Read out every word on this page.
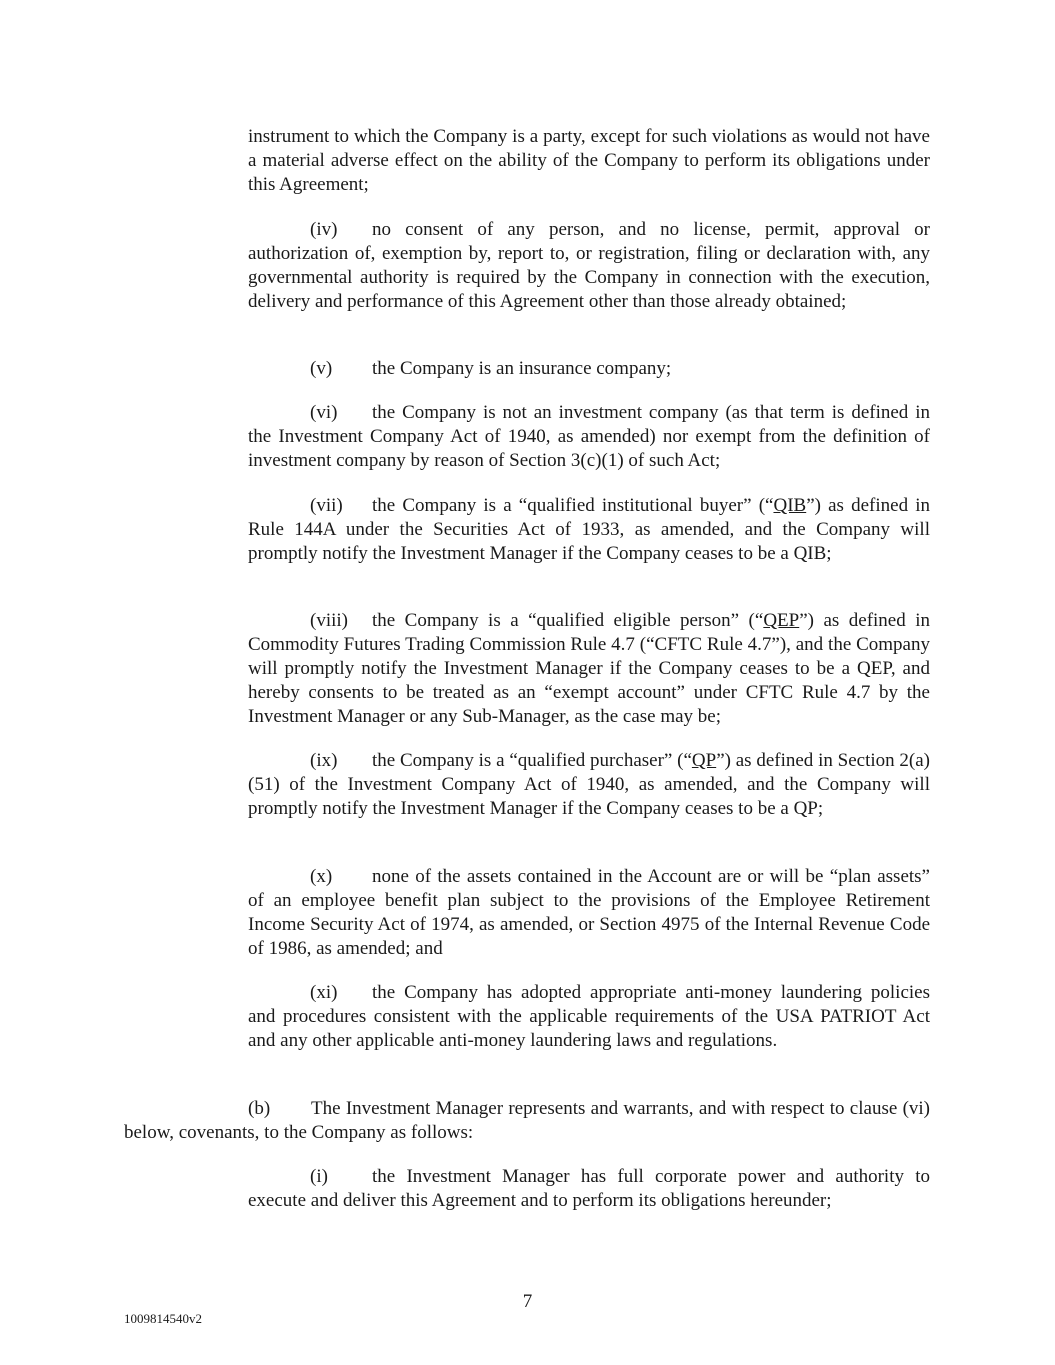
instrument to which the Company is a party, except for such violations as would not have a material adverse effect on the ability of the Company to perform its obligations under this Agreement;

(iv) no consent of any person, and no license, permit, approval or authorization of, exemption by, report to, or registration, filing or declaration with, any governmental authority is required by the Company in connection with the execution, delivery and performance of this Agreement other than those already obtained;

(v) the Company is an insurance company;

(vi) the Company is not an investment company (as that term is defined in the Investment Company Act of 1940, as amended) nor exempt from the definition of investment company by reason of Section 3(c)(1) of such Act;

(vii) the Company is a “qualified institutional buyer” (“QIB”) as defined in Rule 144A under the Securities Act of 1933, as amended, and the Company will promptly notify the Investment Manager if the Company ceases to be a QIB;

(viii) the Company is a “qualified eligible person” (“QEP”) as defined in Commodity Futures Trading Commission Rule 4.7 (“CFTC Rule 4.7”), and the Company will promptly notify the Investment Manager if the Company ceases to be a QEP, and hereby consents to be treated as an “exempt account” under CFTC Rule 4.7 by the Investment Manager or any Sub-Manager, as the case may be;

(ix) the Company is a “qualified purchaser” (“QP”) as defined in Section 2(a)(51) of the Investment Company Act of 1940, as amended, and the Company will promptly notify the Investment Manager if the Company ceases to be a QP;

(x) none of the assets contained in the Account are or will be “plan assets” of an employee benefit plan subject to the provisions of the Employee Retirement Income Security Act of 1974, as amended, or Section 4975 of the Internal Revenue Code of 1986, as amended; and

(xi) the Company has adopted appropriate anti-money laundering policies and procedures consistent with the applicable requirements of the USA PATRIOT Act and any other applicable anti-money laundering laws and regulations.

(b) The Investment Manager represents and warrants, and with respect to clause (vi) below, covenants, to the Company as follows:

(i) the Investment Manager has full corporate power and authority to execute and deliver this Agreement and to perform its obligations hereunder;

7
1009814540v2
